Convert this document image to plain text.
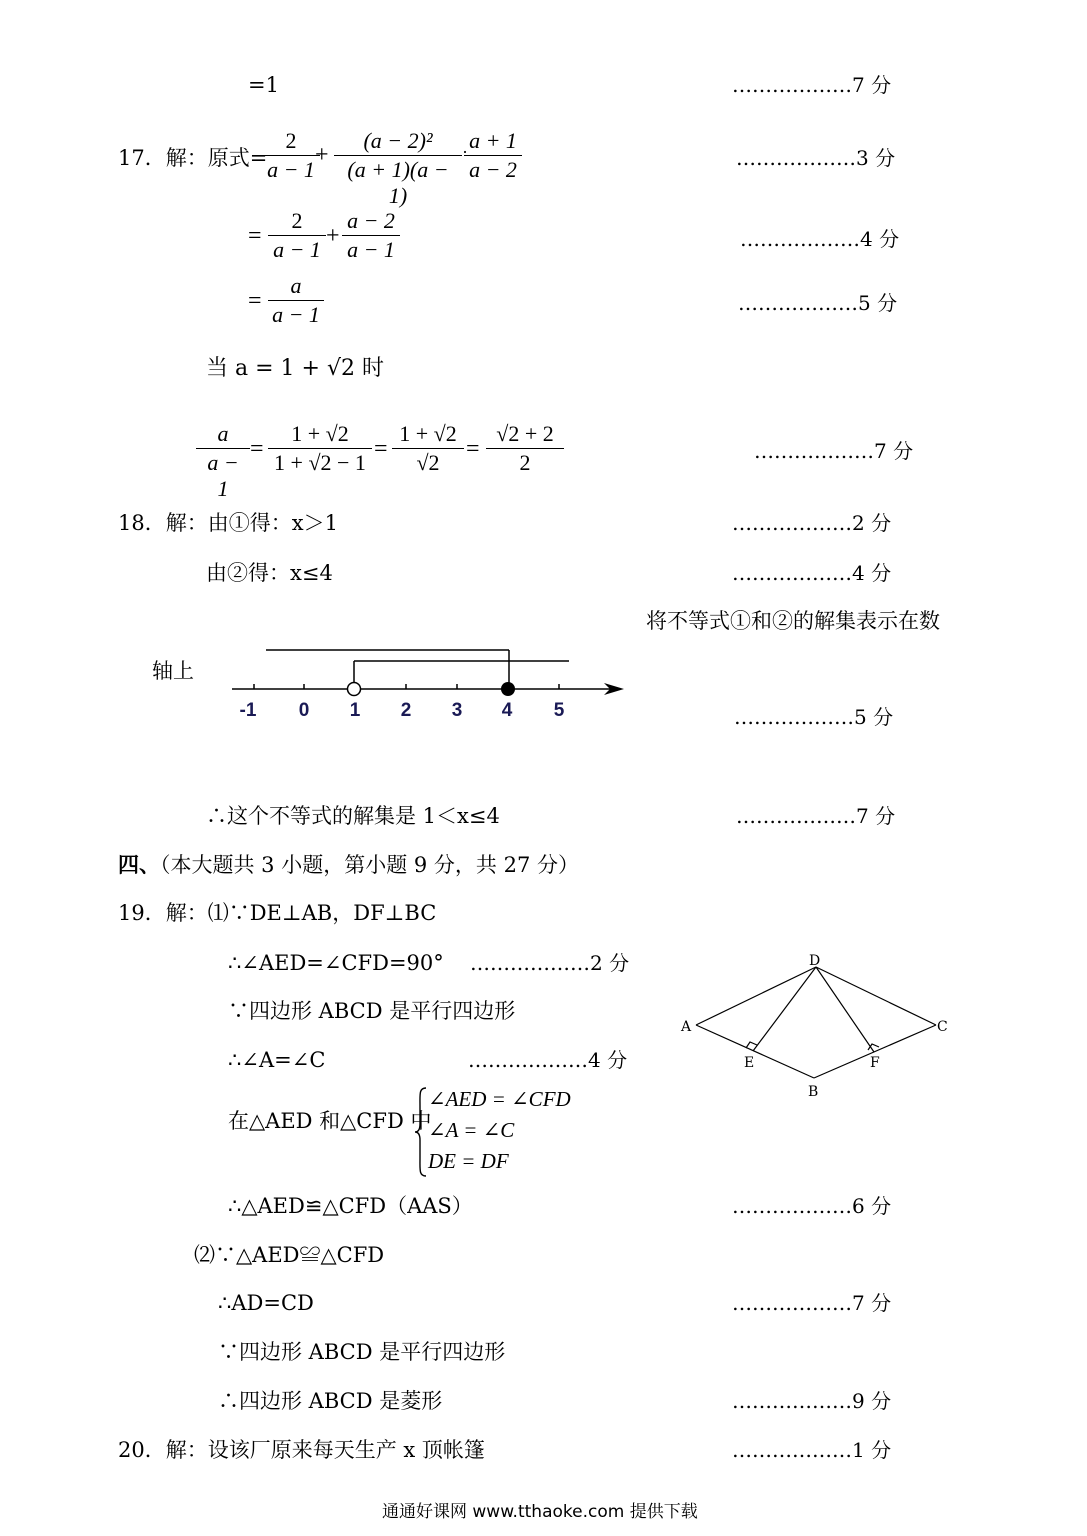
=1	………………7 分
17．解：原式=
2
a − 1
+
(a − 2)²
(a + 1)(a − 1)
· a + 1
a − 2	………………3 分
=
2
a − 1
+
a − 2
a − 1	………………4 分
=
a
a − 1	………………5 分
当 a = 1 + √2 时
a
a − 1
=
1 + √2
1 + √2 − 1
=
1 + √2
√2
=
√2 + 2
2	………………7 分
18．解：由①得：x＞1	………………2 分
由②得：x≤4	………………4 分
将不等式①和②的解集表示在数
轴上
-1 0 1 2 3 4 5	………………5 分
∴这个不等式的解集是 1＜x≤4	………………7 分
四、（本大题共 3 小题，第小题 9 分，共 27 分）
19．解：⑴∵DE⊥AB，DF⊥BC
∴∠AED=∠CFD=90° ………………2 分
∵四边形 ABCD 是平行四边形
∴∠A=∠C	………………4 分
在△AED 和△CFD 中
∠AED = ∠CFD
∠A = ∠C
DE = DF
∴△AED≌△CFD（AAS）	………………6 分
⑵∵△AED≌△CFD
∴AD=CD	………………7 分
∵四边形 ABCD 是平行四边形
∴四边形 ABCD 是菱形	………………9 分
A
D
C
B
E	F
20．解：设该厂原来每天生产 x 顶帐篷	………………1 分
通通好课网 www.tthaoke.com 提供下载
